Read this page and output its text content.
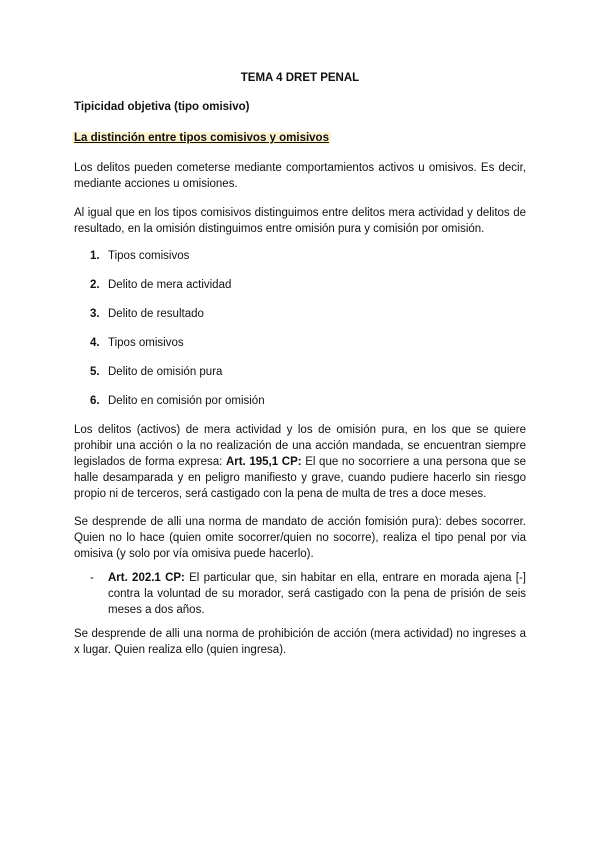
TEMA 4 DRET PENAL
Tipicidad objetiva (tipo omisivo)
La distinción entre tipos comisivos y omisivos
Los delitos pueden cometerse mediante comportamientos activos u omisivos. Es decir, mediante acciones u omisiones.
Al igual que en los tipos comisivos distinguimos entre delitos mera actividad y delitos de resultado, en la omisión distinguimos entre omisión pura y comisión por omisión.
1. Tipos comisivos
2. Delito de mera actividad
3. Delito de resultado
4. Tipos omisivos
5. Delito de omisión pura
6. Delito en comisión por omisión
Los delitos (activos) de mera actividad y los de omisión pura, en los que se quiere prohibir una acción o la no realización de una acción mandada, se encuentran siempre legislados de forma expresa: Art. 195,1 CP: El que no socorriere a una persona que se halle desamparada y en peligro manifiesto y grave, cuando pudiere hacerlo sin riesgo propio ni de terceros, será castigado con la pena de multa de tres a doce meses.
Se desprende de alli una norma de mandato de acción fomisión pura): debes socorrer. Quien no lo hace (quien omite socorrer/quien no socorre), realiza el tipo penal por via omisiva (y solo por vía omisiva puede hacerlo).
- Art. 202.1 CP: El particular que, sin habitar en ella, entrare en morada ajena [-] contra la voluntad de su morador, será castigado con la pena de prisión de seis meses a dos años.
Se desprende de alli una norma de prohibición de acción (mera actividad) no ingreses a x lugar. Quien realiza ello (quien ingresa).
